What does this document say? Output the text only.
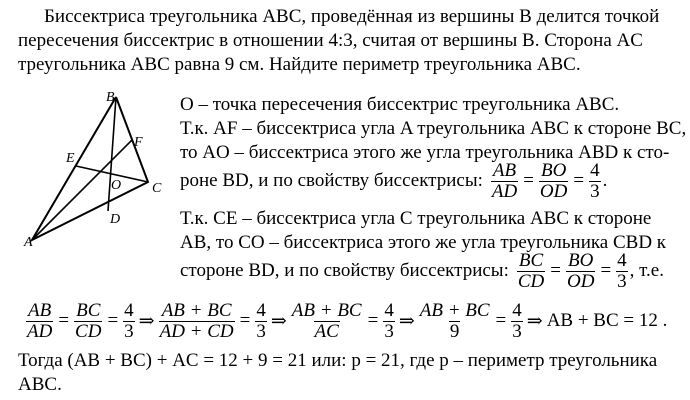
Биссектриса треугольника ABC, проведённая из вершины B делится точкой
пересечения биссектрис в отношении 4:3, считая от вершины B. Сторона AC
треугольника ABC равна 9 см. Найдите периметр треугольника ABC.
B
E
F
O C
D
A
O – точка пересечения биссектрис треугольника ABC.
Т.к. AF – биссектриса угла A треугольника ABC к стороне BC,
то AO – биссектриса этого же угла треугольника ABD к сто-
роне BD, и по свойству биссектрисы: $\frac{AB}{AD} = \frac{BO}{OD} = \frac{4}{3}$ .
Т.к. CE – биссектриса угла C треугольника ABC к стороне
AB, то CO – биссектриса этого же угла треугольника CBD к
стороне BD, и по свойству биссектрисы: $\frac{BC}{CD} = \frac{BO}{OD} = \frac{4}{3}$ , т.е.
$\frac{AB}{AD} = \frac{BC}{CD} = \frac{4}{3}$ ⇒ $\frac{AB + BC}{AD + CD} = \frac{4}{3}$ ⇒ $\frac{AB + BC}{AC} = \frac{4}{3}$ ⇒ $\frac{AB + BC}{9} = \frac{4}{3}$ ⇒ AB + BC = 12 .
Тогда (AB + BC) + AC = 12 + 9 = 21 или: p = 21, где p – периметр треугольника
ABC.
